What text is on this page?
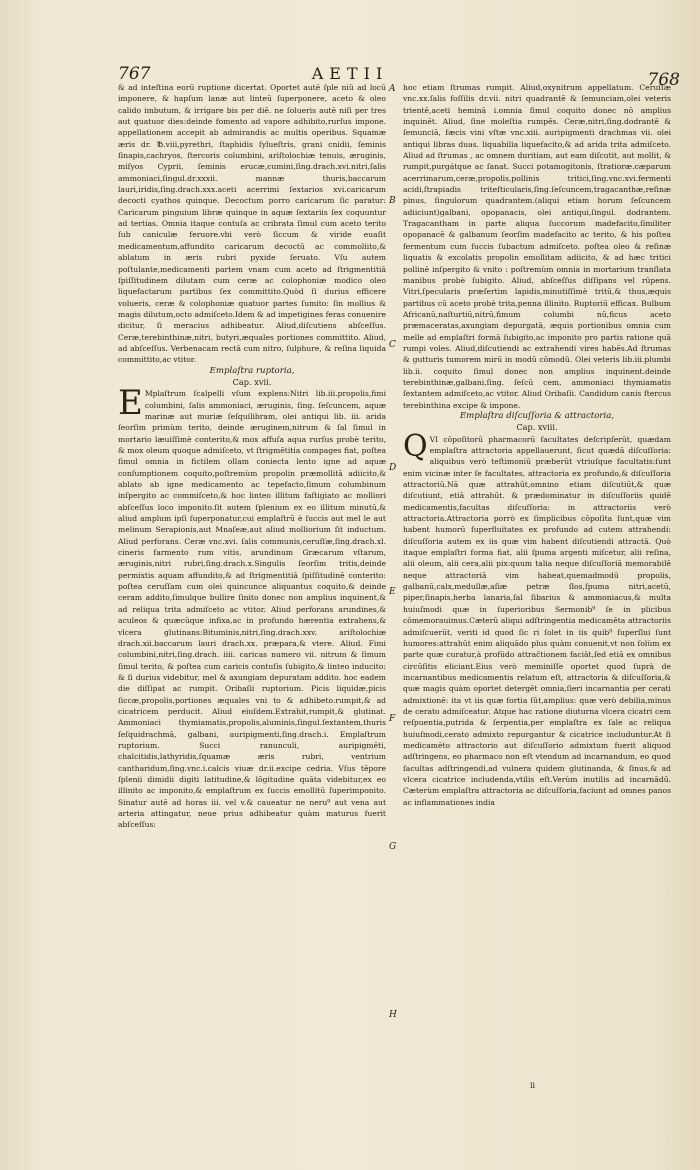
767	AETII	768
A
B
C
D
E
F
G
H

& ad inteſtina eorū ruptione dicertat. Oportet autē ſple niū ad locū imponere, & hapſum lanæ aut linteū ſuperponere, aceto & oleo calido imbutum, & irrigare bis per diē. ne ſolueris autē niſi per tres aut quatuor dies:deinde fomento ad vapore adhibito,rurſus impone. appellationem accepit ab admirandis ac multis operibus. Squamæ æris dr. ℔.viii,pyrethri, ſtaphidis ſylueſtris, grani cnidii, ſeminis ſinapis,cachryos, ſtercoris columbini, ariſtolochiæ tenuis, æruginis, miſyos Cyprii, ſeminis erucæ,cumini,ſing.drach.xvi.nitri,ſalis ammoniaci,ſingul.dr.xxxii. mannæ thuris,baccarum lauri,iridis,ſing.drach.xxx.aceti acerrimi ſextarios xvi.caricarum decocti cyathos quinque. Decoctum porro caricarum ſic paratur: Caricarum pinguium libræ quinque in aquæ ſextariis ſex coquuntur ad tertias. Omnia itaque contuſa ac cribrata ſimul cum aceto terito ſub caniculæ feruore.vbi verò ſiccum & viride euaſit medicamentum,affundito caricarum decoctū ac commoliito,& ablatum in æris rubri pyxide ſeruato. Vſu autem poſtulante,medicamenti partem vnam cum aceto ad ſtrigmentitiā ſpiſſitudinem dilutam cum ceræ ac colophoniæ modico oleo liquefactarum partibus ſex committito.Quòd ſi durius efficere volueris, ceræ & colophoniæ quatuor partes ſumito: ſin mollius & magis dilutum,octo admiſceto.Idem & ad impetigines feras conuenire dicitur, ſi meracius adhibeatur. Aliud,diſcutiens abſceſſus. Ceræ,terebinthinæ,nitri, butyri,æquales portiones committito. Aliud, ad abſceſſus. Verbenacam rectā cum nitro, ſulphure, & reſina liquida committito,ac vtitor.

Emplaſtra ruptoria,

Cap. xvii.

E Mplaſtrum ſcalpelli vſum explens:Nitri lib.iii.propolis,fimi columbini, ſalis ammoniaci, æruginis, ſing. ſeſcuncem, aquæ marinæ aut muriæ ſeſquilibram, olei antiqui lib. iii. arida ſeorſim primùm terito, deinde æruginem,nitrum & ſal ſimul in mortario læuiſſimè conterito,& mox affuſa aqua rurſus probè terito, & mox oleum quoque admiſceto, vt ſtrigmētitia compages fiat, poſtea ſimul omnia in fictilem ollam coniecta lento igne ad aquæ conſumptionem coquito,poſtremùm propolin præmollitā adiicito,& ablato ab igne medicamento ac tepefacto,ſimum columbinum inſpergito ac commiſceto,& hoc linteo illitum faſtigiato ac molliori abſceſſus loco imponito.ſit autem ſplenium ex eo illitum minutū,& aliud amplum ipſi ſuperponatur,cui emplaſtrū è ſuccis aut mel le aut melinum Serapionis,aut Mnaſeæ,aut aliud molliorium ſit inductum. Aliud perforans. Ceræ vnc.xvi. ſalis communis,ceruſſæ,ſing.drach.xl. cineris farmento rum vitis, arundinum Græcarum vſtarum, æruginis,nitri rubri,ſing.drach.x.Singulis ſeorſim tritis,deinde permixtis aquam affundito,& ad ſtrigmentitiā ſpiſſitudinē conterito: poſtea ceruſſam cum olei quincunce aliquantus coquito,& deinde ceram addito,ſimulque bullire ſinito donec non amplius inquinent,& ad reliqua trita admiſceto ac vtitor. Aliud perforans arundines,& aculeos & quæcūque infixa,ac in profundo hærentia extrahens,& vlcera glutinans:Bituminis,nitri,ſing.drach.xxv. ariſtolochiæ drach.xii.baccarum lauri drach.xx. præpara,& vtere. Aliud. Fimi columbini,nitri,ſing.drach. iiii. caricas numero vii. nitrum & ſimum ſimul terito, & poſtea cum caricis contuſis ſubigito,& linteo inducito: & ſi durius videbitur, mel & axungiam depuratam addito. hoc eadem die diſſipat ac rumpit. Oribaſii ruptorium. Picis liquidæ,picis ſiccæ,propolis,portiones æquales vni to & adhibeto.rumpit,& ad cicatricem perducit. Aliud eiuſdem.Extrahit,rumpit,& glutinat. Ammoniaci thymiamatis,propolis,aluminis,ſingul.ſextantem,thuris ſeſquidrachmā, galbani, auripigmenti,ſing.drach.i. Emplaſtrum ruptorium. Succi ranunculi, auripigmēti, chalcitidis,lathyridis,ſquamæ æris rubri, ventrium cantharidum,ſing.vnc.i.calcis viuæ dr.ii.excipe cedria. Vſus tēpore ſplenii dimidii digiti latitudine,& lōgitudine quāta videbitur,ex eo illinito ac imponito,& emplaſtrum ex ſuccis emollitū ſuperimponito. Sinatur autē ad horas iii. vel v.& caueatur ne neru⁹ aut vena aut arteria attingatur, neue prius adhibeatur quàm maturus fuerit abſceſſus:

hoc etiam ſtrumas rumpit. Aliud,oxynitrum appellatum. Ceruſſæ vnc.xx.ſalis foſſilis dr.vii. nitri quadrantē & ſemunciam,olei veteris trientē,aceti heminā i.omnia ſimul coquito donec nō amplius inquinēt. Aliud, ſine moleſtia rumpēs. Ceræ,nitri,ſing.dodrantē & ſemunciā, fæcis vini vſtæ vnc.xiii. auripigmenti drachmas vii. olei antiqui libras duas. liquabilia liquefacito,& ad arida trita admiſceto. Aliud ad ſtrumas , ac omnem duritiam, aut eam diſcutit, aut mollit, & rumpit,purgátque ac ſanat. Succi potamogitonis, ſtratioræ.cæparum acerrimarum,ceræ,propolis,pollinis tritici,ſing.vnc.xvi.fermenti acidi,ſtrapiadis triteſticularis,ſing.ſeſcuncem,tragacanthæ,reſinæ pinus, ſingulorum quadrantem.(aliqui etiam horum ſeſcuncem adiiciunt)galbani, opopanacis, olei antiqui,ſingul. dodrantem. Tragacantham in parte aliqua ſuccorum madefacito,ſimiliter opopanacē & galbanum ſeorſim madefacito ac terito, & his poſtea fermentum cum ſuccis ſubactum admiſceto. poſtea oleo & reſinæ liquatis & excolatis propolin emollitam adiicito, & ad hæc tritici pollinē inſpergito & vnito : poſtremùm omnia in mortarium tranſlata manibus probè ſubigito. Aliud, abſceſſus diſſipans vel rūpens. Vitri,ſpecularis præſertim lapidis,minutiſſimè tritū,& thus,æquis partibus cū aceto probè trita,penna illinito. Ruptoriū efficax. Bulbum Africanū,naſturtiū,nitrū,fimum columbi nū,ficus aceto præmaceratas,axungiam depurgatā, æquis portionibus omnia cum melle ad emplaſtri formā ſubigito,ac imponito pro partis ratione quā rumpi voles. Aliud,diſcutiendi ac extrahendi vires habēs.Ad ſtrumas & gutturis tumorem mirū in modū cōmodū. Olei veteris lib.iii.plumbi lib.ii. coquito ſimul donec non amplius inquinent.deinde terebinthinæ,galbani,ſing. ſeſcū cem, ammoniaci thymiamatis ſextantem admiſceto,ac vtitor. Aliud Oribaſii. Candidum canis ſtercus terebinthina excipe & impone.

Emplaſtra diſcuſſoria & attractoria,

Cap. xviii.

QVI cōpoſitorū pharmacorū facultates deſcripſerūt, quædam emplaſtra attractoria appellauerunt, ſicut quædā diſcuſſoria: aliquibus verò teſtimoniū præberūt vtriuſque facultatis:ſunt enim vicinæ inter ſe facultates, attractoria ex profundo,& diſcuſſoria attractoriū.Nā quæ attrahūt,omnino etiam diſcutiūt,& quæ diſcutiunt, etiā attrahūt. & prædominatur in diſcuſſoriis quidē medicamentis,facultas diſcuſſoria: in attractoriis verò attractoria.Attractoria porrò ex ſimplicibus cōpoſita ſunt,quæ vim habent humorū ſuperfluitates ex profundo ad cutem attrahendi: diſcuſſoria autem ex iis quæ vim habent diſcutiendi attractā. Quò itaque emplaſtri forma fiat, alii ſpuma argenti miſcetur, alii reſina, alii oleum, alii cera,alii pix:quum talia neque diſcuſſoriā memorabilē neque attractoriā vim habeat,quemadmodū propolis, galbanū,calx,medullæ,aſiæ petræ ſlos,ſpuma nitri,acetū, piper,ſinapis,herba lanaria,ſal ſibarius & ammoniacus,& multa huiuſmodi quæ in ſuperioribus Sermonib⁹ ſe in plicibus cōmemorauimus.Cæterū aliqui adſtringentia medicamēta attractoriis admiſcuerūt, veriti id quod ſic ri ſolet in iis quib⁹ ſuperſlui ſunt humores:attrahūt enim aliquādo plus quàm conuenit,vt non ſolùm ex parte quæ curatur,à profūdo attrac̄tionem faciāt,ſed etiā ex omnibus circūſitis eliciant.Eius verò meminiſſe oportet quod ſuprà de incarnantibus medicamentis relatum eſt, attractoria & diſcuſſoria,& quæ magis quàm oportet detergēt omnia,ſieri incarnantia per cerati admixtionē: ita vt iis quæ fortia ſūt,amplius: quæ verò debilia,minus de cerato admiſceatur. Atque hac ratione diuturna vlcera cicatri cem reſpuentia,putrida & ſerpentia,per emplaſtra ex ſale ac reliqua huiuſmodi,cerato admixto repurgantur & cicatrice includuntur.At ſi medicamēto attractorio aut diſcuſſorio admixtum fuerit aliquod adſtringens, eo pharmaco non eſt vtendum ad incarnandum, eo quod ſacultas adſtringendi,ad vulnera quidem glutinanda, & ſinus,& ad vlcera cicatrice includenda,vtilis eſt.Verùm inutilis ad incarnādū. Cæterùm emplaſtra attractoria ac diſcuſſoria,faciunt ad omnes panos ac inflammationes india

ii
